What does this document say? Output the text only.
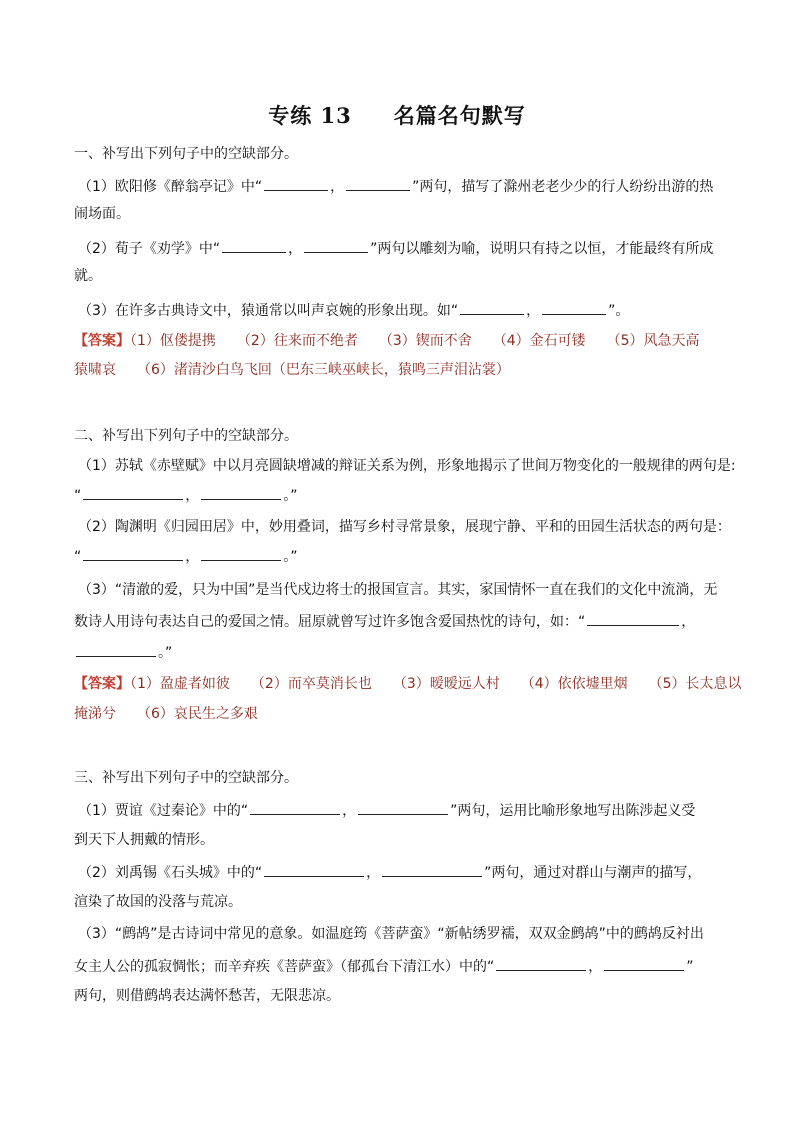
专练 13 名篇名句默写
一、补写出下列句子中的空缺部分。
（1）欧阳修《醉翁亭记》中“	，	”两句，描写了滁州老老少少的行人纷纷出游的热
闹场面。
（2）荀子《劝学》中“	，	”两句以雕刻为喻，说明只有持之以恒，才能最终有所成
就。
（3）在许多古典诗文中，猿通常以叫声哀婉的形象出现。如“	，	”。
【答案】（1）伛偻提携　　（2）往来而不绝者　　（3）锲而不舍　　（4）金石可镂　　（5）风急天高
猿啸哀　　（6）渚清沙白鸟飞回（巴东三峡巫峡长，猿鸣三声泪沾裳）
二、补写出下列句子中的空缺部分。
（1）苏轼《赤壁赋》中以月亮圆缺增减的辩证关系为例，形象地揭示了世间万物变化的一般规律的两句是:
“	，	。”
（2）陶渊明《归园田居》中，妙用叠词，描写乡村寻常景象，展现宁静、平和的田园生活状态的两句是：
“	，	。”
（3）“清澈的爱，只为中国”是当代戍边将士的报国宣言。其实，家国情怀一直在我们的文化中流淌，无
数诗人用诗句表达自己的爱国之情。屈原就曾写过许多饱含爱国热忱的诗句，如：“	，
。”
【答案】（1）盈虚者如彼　　（2）而卒莫消长也　　（3）暧暧远人村　　（4）依依墟里烟　　（5）长太息以
掩涕兮　　（6）哀民生之多艰
三、补写出下列句子中的空缺部分。
（1）贾谊《过秦论》中的“	，	”两句，运用比喻形象地写出陈涉起义受
到天下人拥戴的情形。
（2）刘禹锡《石头城》中的“	，	”两句，通过对群山与潮声的描写，
渲染了故国的没落与荒凉。
（3）“鹧鸪”是古诗词中常见的意象。如温庭筠《菩萨蛮》“新帖绣罗襦，双双金鹧鸪”中的鹧鸪反衬出
女主人公的孤寂惆怅；而辛弃疾《菩萨蛮》（郁孤台下清江水）中的“	，	”
两句，则借鹧鸪表达满怀愁苦，无限悲凉。
